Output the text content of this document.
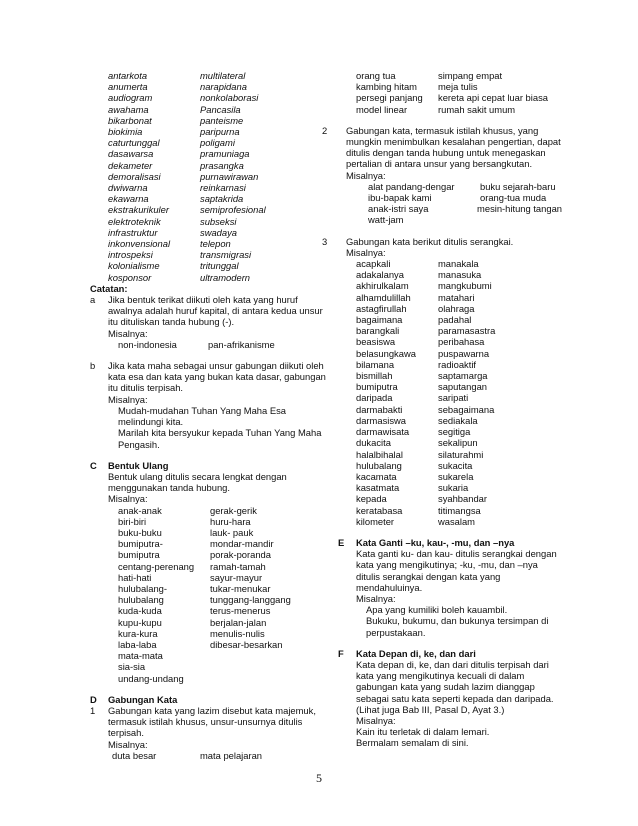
antarkota	multilateral
anumerta	narapidana
audiogram	nonkolaborasi
awahama	Pancasila
bikarbonat	panteisme
biokimia	paripurna
caturtunggal	poligami
dasawarsa	pramuniaga
dekameter	prasangka
demoralisasi	purnawirawan
dwiwarna	reinkarnasi
ekawarna	saptakrida
ekstrakurikuler	semiprofesional
elektroteknik	subseksi
infrastruktur	swadaya
inkonvensional	telepon
introspeksi	transmigrasi
kolonialisme	tritunggal
kosponsor	ultramodern
Catatan:
a	Jika bentuk terikat diikuti oleh kata yang huruf awalnya adalah huruf kapital, di antara kedua unsur itu dituliskan tanda hubung (-).
Misalnya:
non-indonesia	pan-afrikanisme
b	Jika kata maha sebagai unsur gabungan diikuti oleh kata esa dan kata yang bukan kata dasar, gabungan itu ditulis terpisah.
Misalnya:
Mudah-mudahan Tuhan Yang Maha Esa melindungi kita.
Marilah kita bersyukur kepada Tuhan Yang Maha Pengasih.
C	Bentuk Ulang
Bentuk ulang ditulis secara lengkat dengan menggunakan tanda hubung.
Misalnya:
anak-anak	gerak-gerik
biri-biri	huru-hara
buku-buku	lauk- pauk
bumiputra-	mondar-mandir
bumiputra	porak-poranda
centang-perenang	ramah-tamah
hati-hati	sayur-mayur
hulubalang-	tukar-menukar
hulubalang	tunggang-langgang
kuda-kuda	terus-menerus
kupu-kupu	berjalan-jalan
kura-kura	menulis-nulis
laba-laba	dibesar-besarkan
mata-mata
sia-sia
undang-undang
D	Gabungan Kata
1	Gabungan kata yang lazim disebut kata majemuk, termasuk istilah khusus, unsur-unsurnya ditulis terpisah.
Misalnya:
duta besar	mata pelajaran
orang tua	simpang empat
kambing hitam	meja tulis
persegi panjang	kereta api cepat luar biasa
model linear	rumah sakit umum
2	Gabungan kata, termasuk istilah khusus, yang mungkin menimbulkan kesalahan pengertian, dapat ditulis dengan tanda hubung untuk menegaskan pertalian di antara unsur yang bersangkutan.
Misalnya:
alat pandang-dengar	buku sejarah-baru
ibu-bapak kami	orang-tua muda
anak-istri saya	mesin-hitung tangan
watt-jam
3	Gabungan kata berikut ditulis serangkai.
Misalnya:
acapkali	manakala
adakalanya	manasuka
akhirulkalam	mangkubumi
alhamdulillah	matahari
astagfirullah	olahraga
bagaimana	padahal
barangkali	paramasastra
beasiswa	peribahasa
belasungkawa	puspawarna
bilamana	radioaktif
bismillah	saptamarga
bumiputra	saputangan
daripada	saripati
darmabakti	sebagaimana
darmasiswa	sediakala
darmawisata	segitiga
dukacita	sekalipun
halalbihalal	silaturahmi
hulubalang	sukacita
kacamata	sukarela
kasatmata	sukaria
kepada	syahbandar
keratabasa	titimangsa
kilometer	wasalam
E	Kata Ganti –ku, kau-, -mu, dan –nya
Kata ganti ku- dan kau- ditulis serangkai dengan kata yang mengikutinya; -ku, -mu, dan –nya ditulis serangkai dengan kata yang mendahuluinya.
Misalnya:
Apa yang kumiliki boleh kauambil.
Bukuku, bukumu, dan bukunya tersimpan di perpustakaan.
F	Kata Depan di, ke, dan dari
Kata depan di, ke, dan dari ditulis terpisah dari kata yang mengikutinya kecuali di dalam gabungan kata yang sudah lazim dianggap sebagai satu kata seperti kepada dan daripada. (Lihat juga Bab III, Pasal D, Ayat 3.)
Misalnya:
Kain itu terletak di dalam lemari.
Bermalam semalam di sini.
5
